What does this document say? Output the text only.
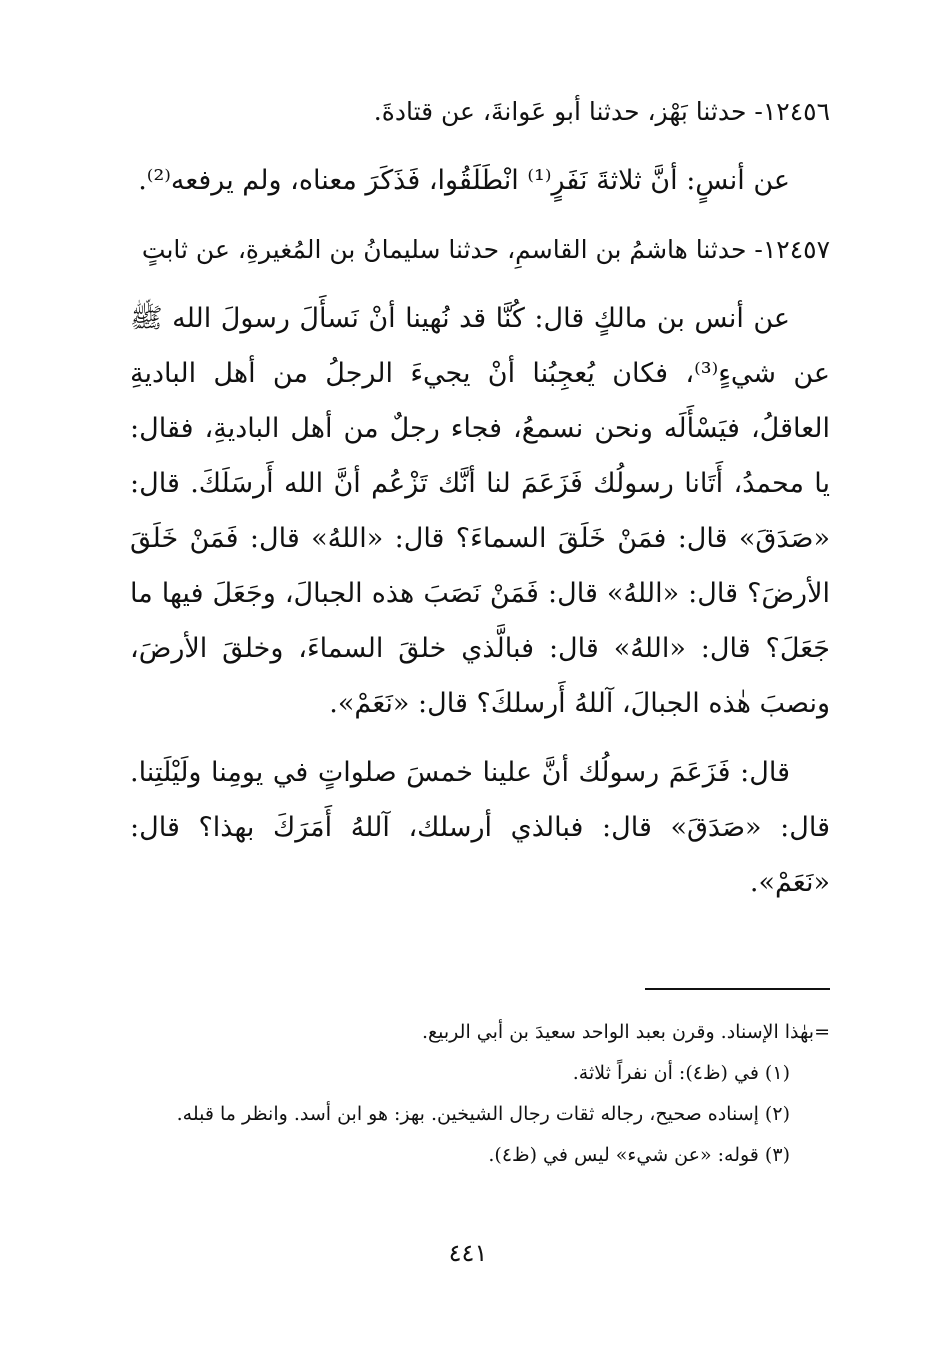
١٢٤٥٦- حدثنا بَهْز، حدثنا أبو عَوانةَ، عن قتادةَ.

عن أنسٍ: أنَّ ثلاثةَ نَفَرٍ⁽¹⁾ انْطَلَقُوا، فَذَكَرَ معناه، ولم يرفعه⁽²⁾.

١٢٤٥٧- حدثنا هاشمُ بن القاسمِ، حدثنا سليمانُ بن المُغيرةِ، عن ثابتٍ

عن أنس بن مالكٍ قال: كُنَّا قد نُهينا أنْ نَسأَلَ رسولَ الله ﷺ عن شيءٍ⁽³⁾، فكان يُعجِبُنا أنْ يجيءَ الرجلُ من أهل الباديةِ العاقلُ، فيَسْأَلَه ونحن نسمعُ، فجاء رجلٌ من أهل الباديةِ، فقال: يا محمدُ، أَتَانا رسولُك فَزَعَمَ لنا أنَّك تَزْعُم أنَّ الله أَرسَلَكَ. قال: «صَدَقَ» قال: فمَنْ خَلَقَ السماءَ؟ قال: «اللهُ» قال: فَمَنْ خَلَقَ الأرضَ؟ قال: «اللهُ» قال: فَمَنْ نَصَبَ هذه الجبالَ، وجَعَلَ فيها ما جَعَلَ؟ قال: «اللهُ» قال: فبالَّذي خلقَ السماءَ، وخلقَ الأرضَ، ونصبَ هٰذه الجبالَ، آللهُ أَرسلكَ؟ قال: «نَعَمْ».

قال: فَزَعَمَ رسولُك أنَّ علينا خمسَ صلواتٍ في يومِنا ولَيْلَتِنا. قال: «صَدَقَ» قال: فبالذي أرسلك، آللهُ أَمَرَكَ بهذا؟ قال: «نَعَمْ».

=بهٰذا الإسناد. وقرن بعبد الواحد سعيدَ بن أبي الربيع.

(١) في (ظ٤): أن نفراً ثلاثة.

(٢) إسناده صحيح، رجاله ثقات رجال الشيخين. بهز: هو ابن أسد. وانظر ما قبله.

(٣) قوله: «عن شيء» ليس في (ظ٤).

٤٤١
